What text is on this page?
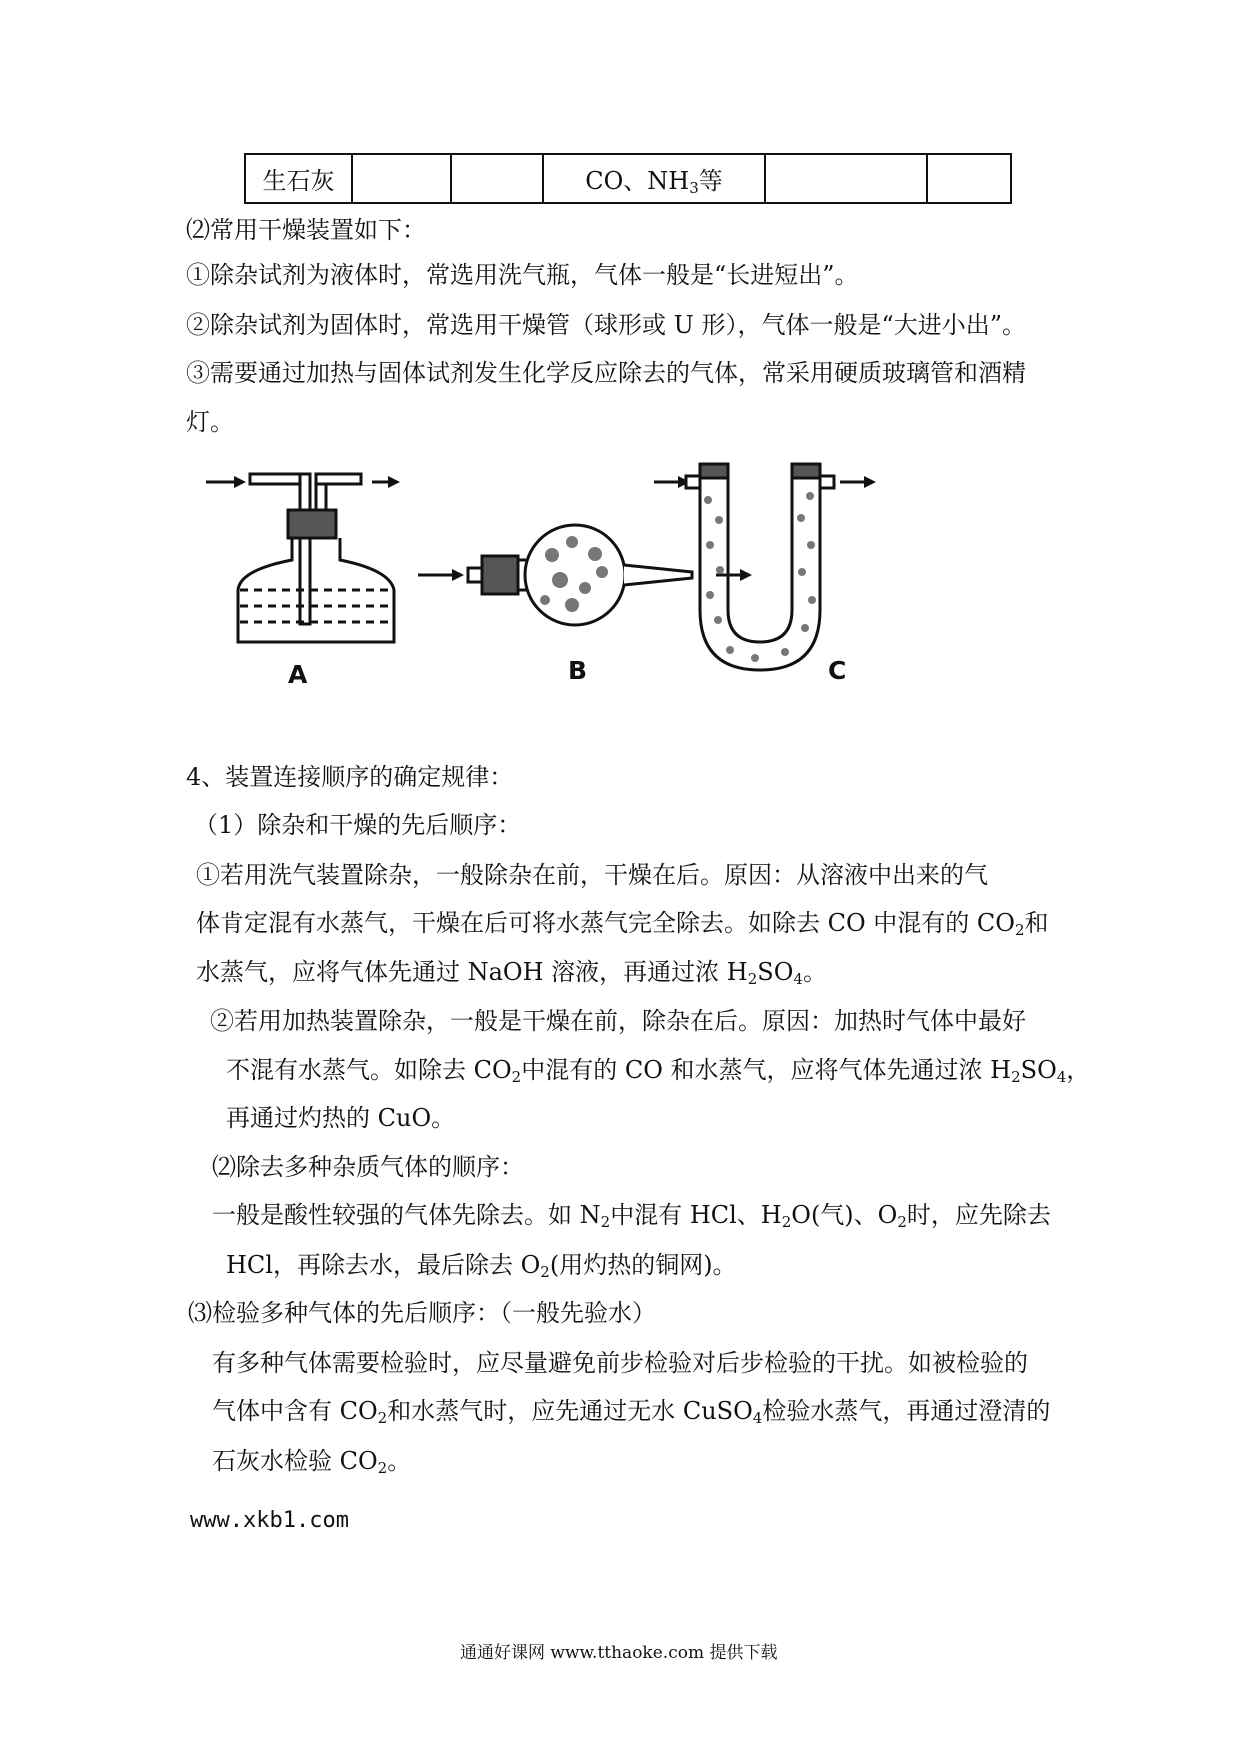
生石灰			CO、$NH_3$等		
⑵常用干燥装置如下：
①除杂试剂为液体时，常选用洗气瓶，气体一般是“长进短出”。
②除杂试剂为固体时，常选用干燥管（球形或 U 形），气体一般是“大进小出”。
③需要通过加热与固体试剂发生化学反应除去的气体，常采用硬质玻璃管和酒精
灯。
A	B	C
4、装置连接顺序的确定规律：
（1）除杂和干燥的先后顺序：
①若用洗气装置除杂，一般除杂在前，干燥在后。原因：从溶液中出来的气
体肯定混有水蒸气，干燥在后可将水蒸气完全除去。如除去 CO 中混有的 $CO_2$和
水蒸气，应将气体先通过 NaOH 溶液，再通过浓 $H_2SO_4$。
②若用加热装置除杂，一般是干燥在前，除杂在后。原因：加热时气体中最好
不混有水蒸气。如除去 $CO_2$中混有的 CO 和水蒸气，应将气体先通过浓 $H_2SO_4$，
再通过灼热的 CuO。
⑵除去多种杂质气体的顺序：
一般是酸性较强的气体先除去。如 $N_2$中混有 HCl、$H_2O$(气)、$O_2$时，应先除去
HCl，再除去水，最后除去 $O_2$(用灼热的铜网)。
⑶检验多种气体的先后顺序：（一般先验水）
有多种气体需要检验时，应尽量避免前步检验对后步检验的干扰。如被检验的
气体中含有 $CO_2$和水蒸气时，应先通过无水 CuSO$_4$检验水蒸气，再通过澄清的
石灰水检验 $CO_2$。
www.xkb1.com
通通好课网 www.tthaoke.com 提供下载
